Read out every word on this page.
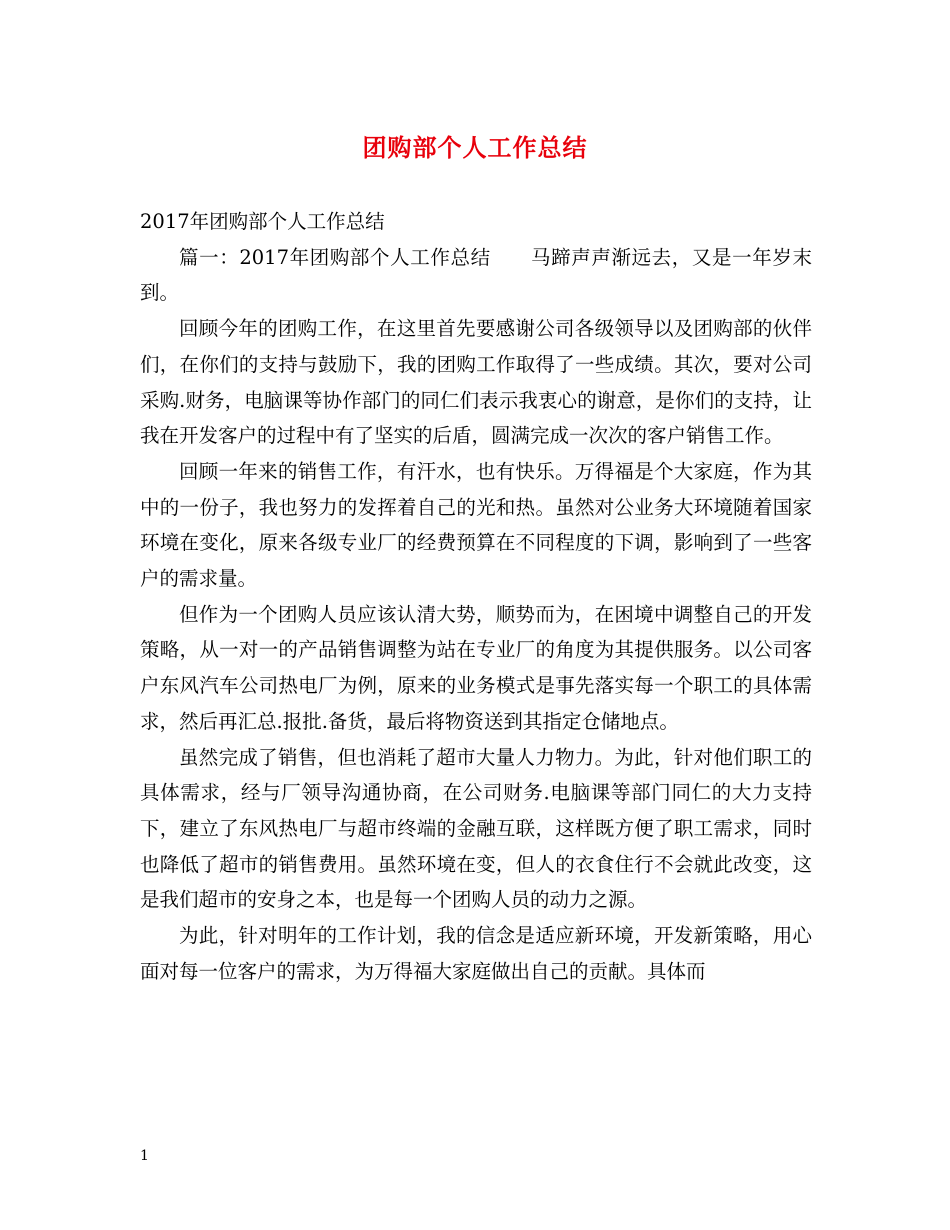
团购部个人工作总结

2017年团购部个人工作总结

篇一：2017年团购部个人工作总结　　马蹄声声渐远去，又是一年岁末到。

回顾今年的团购工作，在这里首先要感谢公司各级领导以及团购部的伙伴们，在你们的支持与鼓励下，我的团购工作取得了一些成绩。其次，要对公司采购.财务，电脑课等协作部门的同仁们表示我衷心的谢意，是你们的支持，让我在开发客户的过程中有了坚实的后盾，圆满完成一次次的客户销售工作。

回顾一年来的销售工作，有汗水，也有快乐。万得福是个大家庭，作为其中的一份子，我也努力的发挥着自己的光和热。虽然对公业务大环境随着国家环境在变化，原来各级专业厂的经费预算在不同程度的下调，影响到了一些客户的需求量。

但作为一个团购人员应该认清大势，顺势而为，在困境中调整自己的开发策略，从一对一的产品销售调整为站在专业厂的角度为其提供服务。以公司客户东风汽车公司热电厂为例，原来的业务模式是事先落实每一个职工的具体需求，然后再汇总.报批.备货，最后将物资送到其指定仓储地点。

虽然完成了销售，但也消耗了超市大量人力物力。为此，针对他们职工的具体需求，经与厂领导沟通协商，在公司财务.电脑课等部门同仁的大力支持下，建立了东风热电厂与超市终端的金融互联，这样既方便了职工需求，同时也降低了超市的销售费用。虽然环境在变，但人的衣食住行不会就此改变，这是我们超市的安身之本，也是每一个团购人员的动力之源。

为此，针对明年的工作计划，我的信念是适应新环境，开发新策略，用心面对每一位客户的需求，为万得福大家庭做出自己的贡献。具体而

1
